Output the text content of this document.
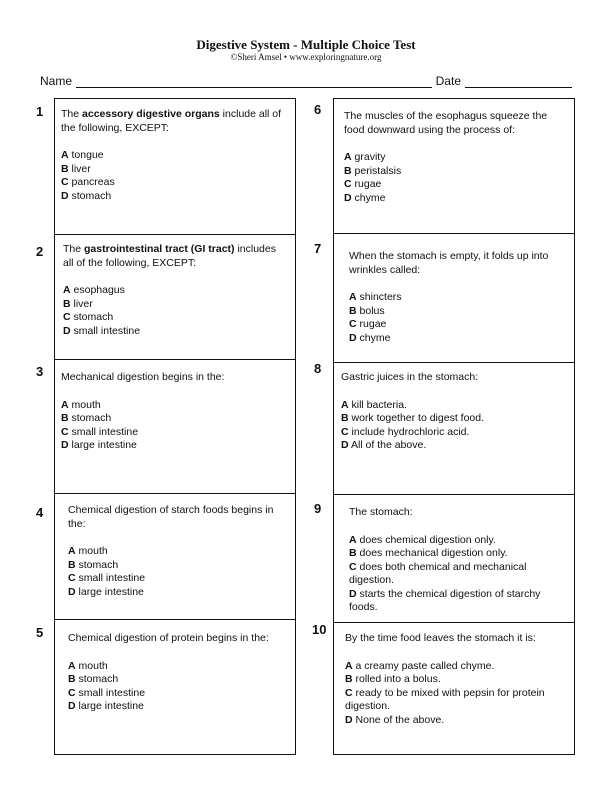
Digestive System - Multiple Choice Test
©Sheri Amsel • www.exploringnature.org
Name	Date
1
2
3
4
5
6
7
8
9
10

The accessory digestive organs include all of the following, EXCEPT:

A tongue

B liver

C pancreas

D stomach

The gastrointestinal tract (GI tract) includes all of the following, EXCEPT:

A esophagus

B liver

C stomach

D small intestine

Mechanical digestion begins in the:

A mouth

B stomach

C small intestine

D large intestine

Chemical digestion of starch foods begins in the:

A mouth

B stomach

C small intestine

D large intestine

Chemical digestion of protein begins in the:

A mouth

B stomach

C small intestine

D large intestine

The muscles of the esophagus squeeze the food downward using the process of:

A gravity

B peristalsis

C rugae

D chyme

When the stomach is empty, it folds up into wrinkles called:

A shincters

B bolus

C rugae

D chyme

Gastric juices in the stomach:

A kill bacteria.

B work together to digest food.

C include hydrochloric acid.

D All of the above.

The stomach:

A does chemical digestion only.

B does mechanical digestion only.

C does both chemical and mechanical digestion.

D starts the chemical digestion of starchy foods.

By the time food leaves the stomach it is:

A a creamy paste called chyme.

B rolled into a bolus.

C ready to be mixed with pepsin for protein digestion.

D None of the above.
